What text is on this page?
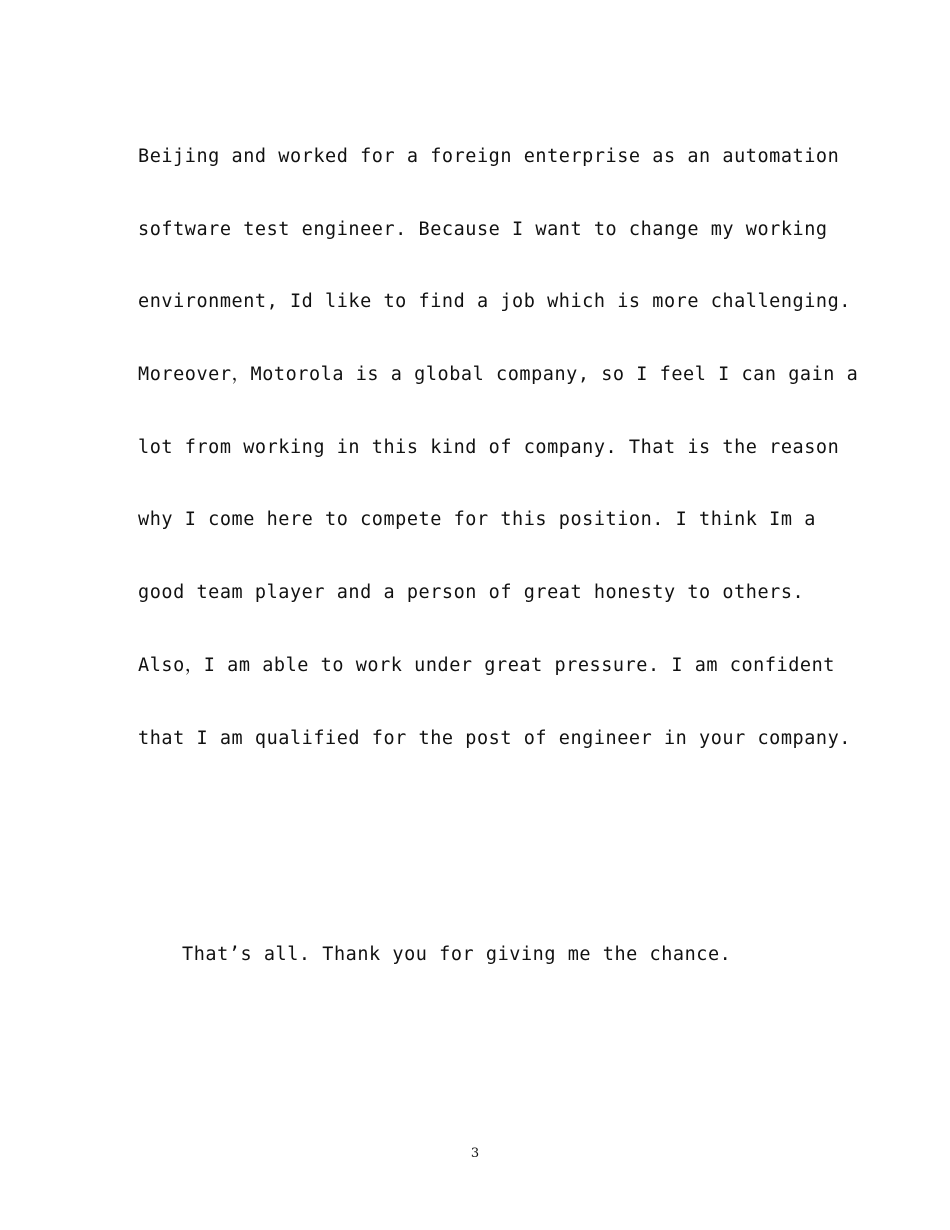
Beijing and worked for a foreign enterprise as an automation
software test engineer. Because I want to change my working
environment, Id like to find a job which is more challenging.
Moreover，Motorola is a global company, so I feel I can gain a
lot from working in this kind of company. That is the reason
why I come here to compete for this position. I think Im a
good team player and a person of great honesty to others.
Also，I am able to work under great pressure. I am confident
that I am qualified for the post of engineer in your company.
That’s all. Thank you for giving me the chance.
3
